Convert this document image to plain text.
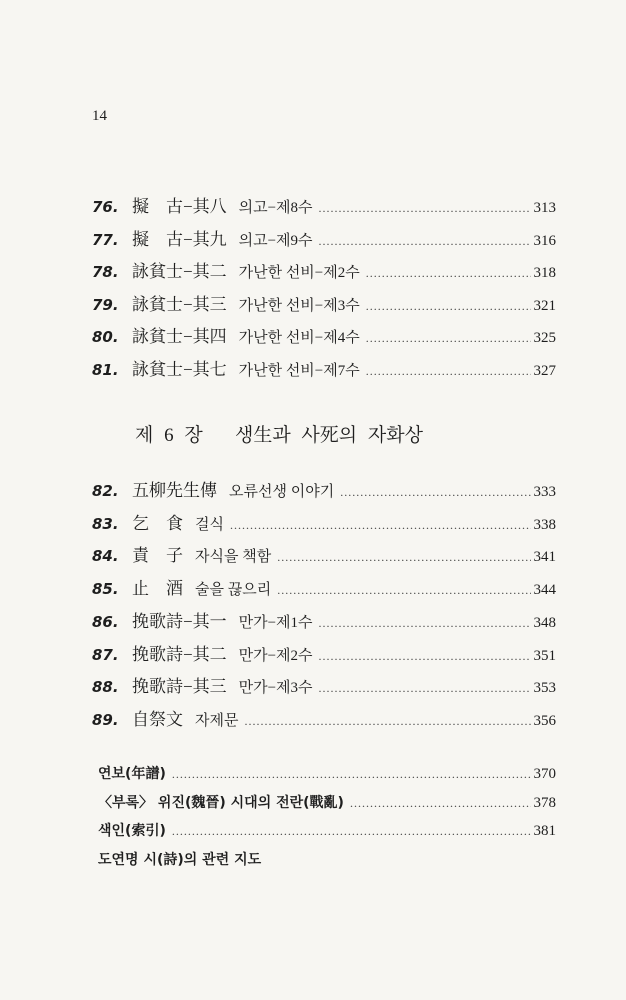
14
76. 擬　古−其八 의고−제8수 .....	313
77. 擬　古−其九 의고−제9수 .....	316
78. 詠貧士−其二 가난한 선비−제2수 .....	318
79. 詠貧士−其三 가난한 선비−제3수 .....	321
80. 詠貧士−其四 가난한 선비−제4수 .....	325
81. 詠貧士−其七 가난한 선비−제7수 .....	327
제 6 장 생生과 사死의 자화상
82. 五柳先生傳 오류선생 이야기 .....	333
83. 乞　食 걸식 .....	338
84. 責　子 자식을 책함 .....	341
85. 止　酒 술을 끊으리 .....	344
86. 挽歌詩−其一 만가−제1수 .....	348
87. 挽歌詩−其二 만가−제2수 .....	351
88. 挽歌詩−其三 만가−제3수 .....	353
89. 自祭文 자제문 .....	356
연보(年譜) .....	370
〈부록〉 위진(魏晉) 시대의 전란(戰亂) .....	378
색인(索引) .....	381
도연명 시(詩)의 관련 지도
